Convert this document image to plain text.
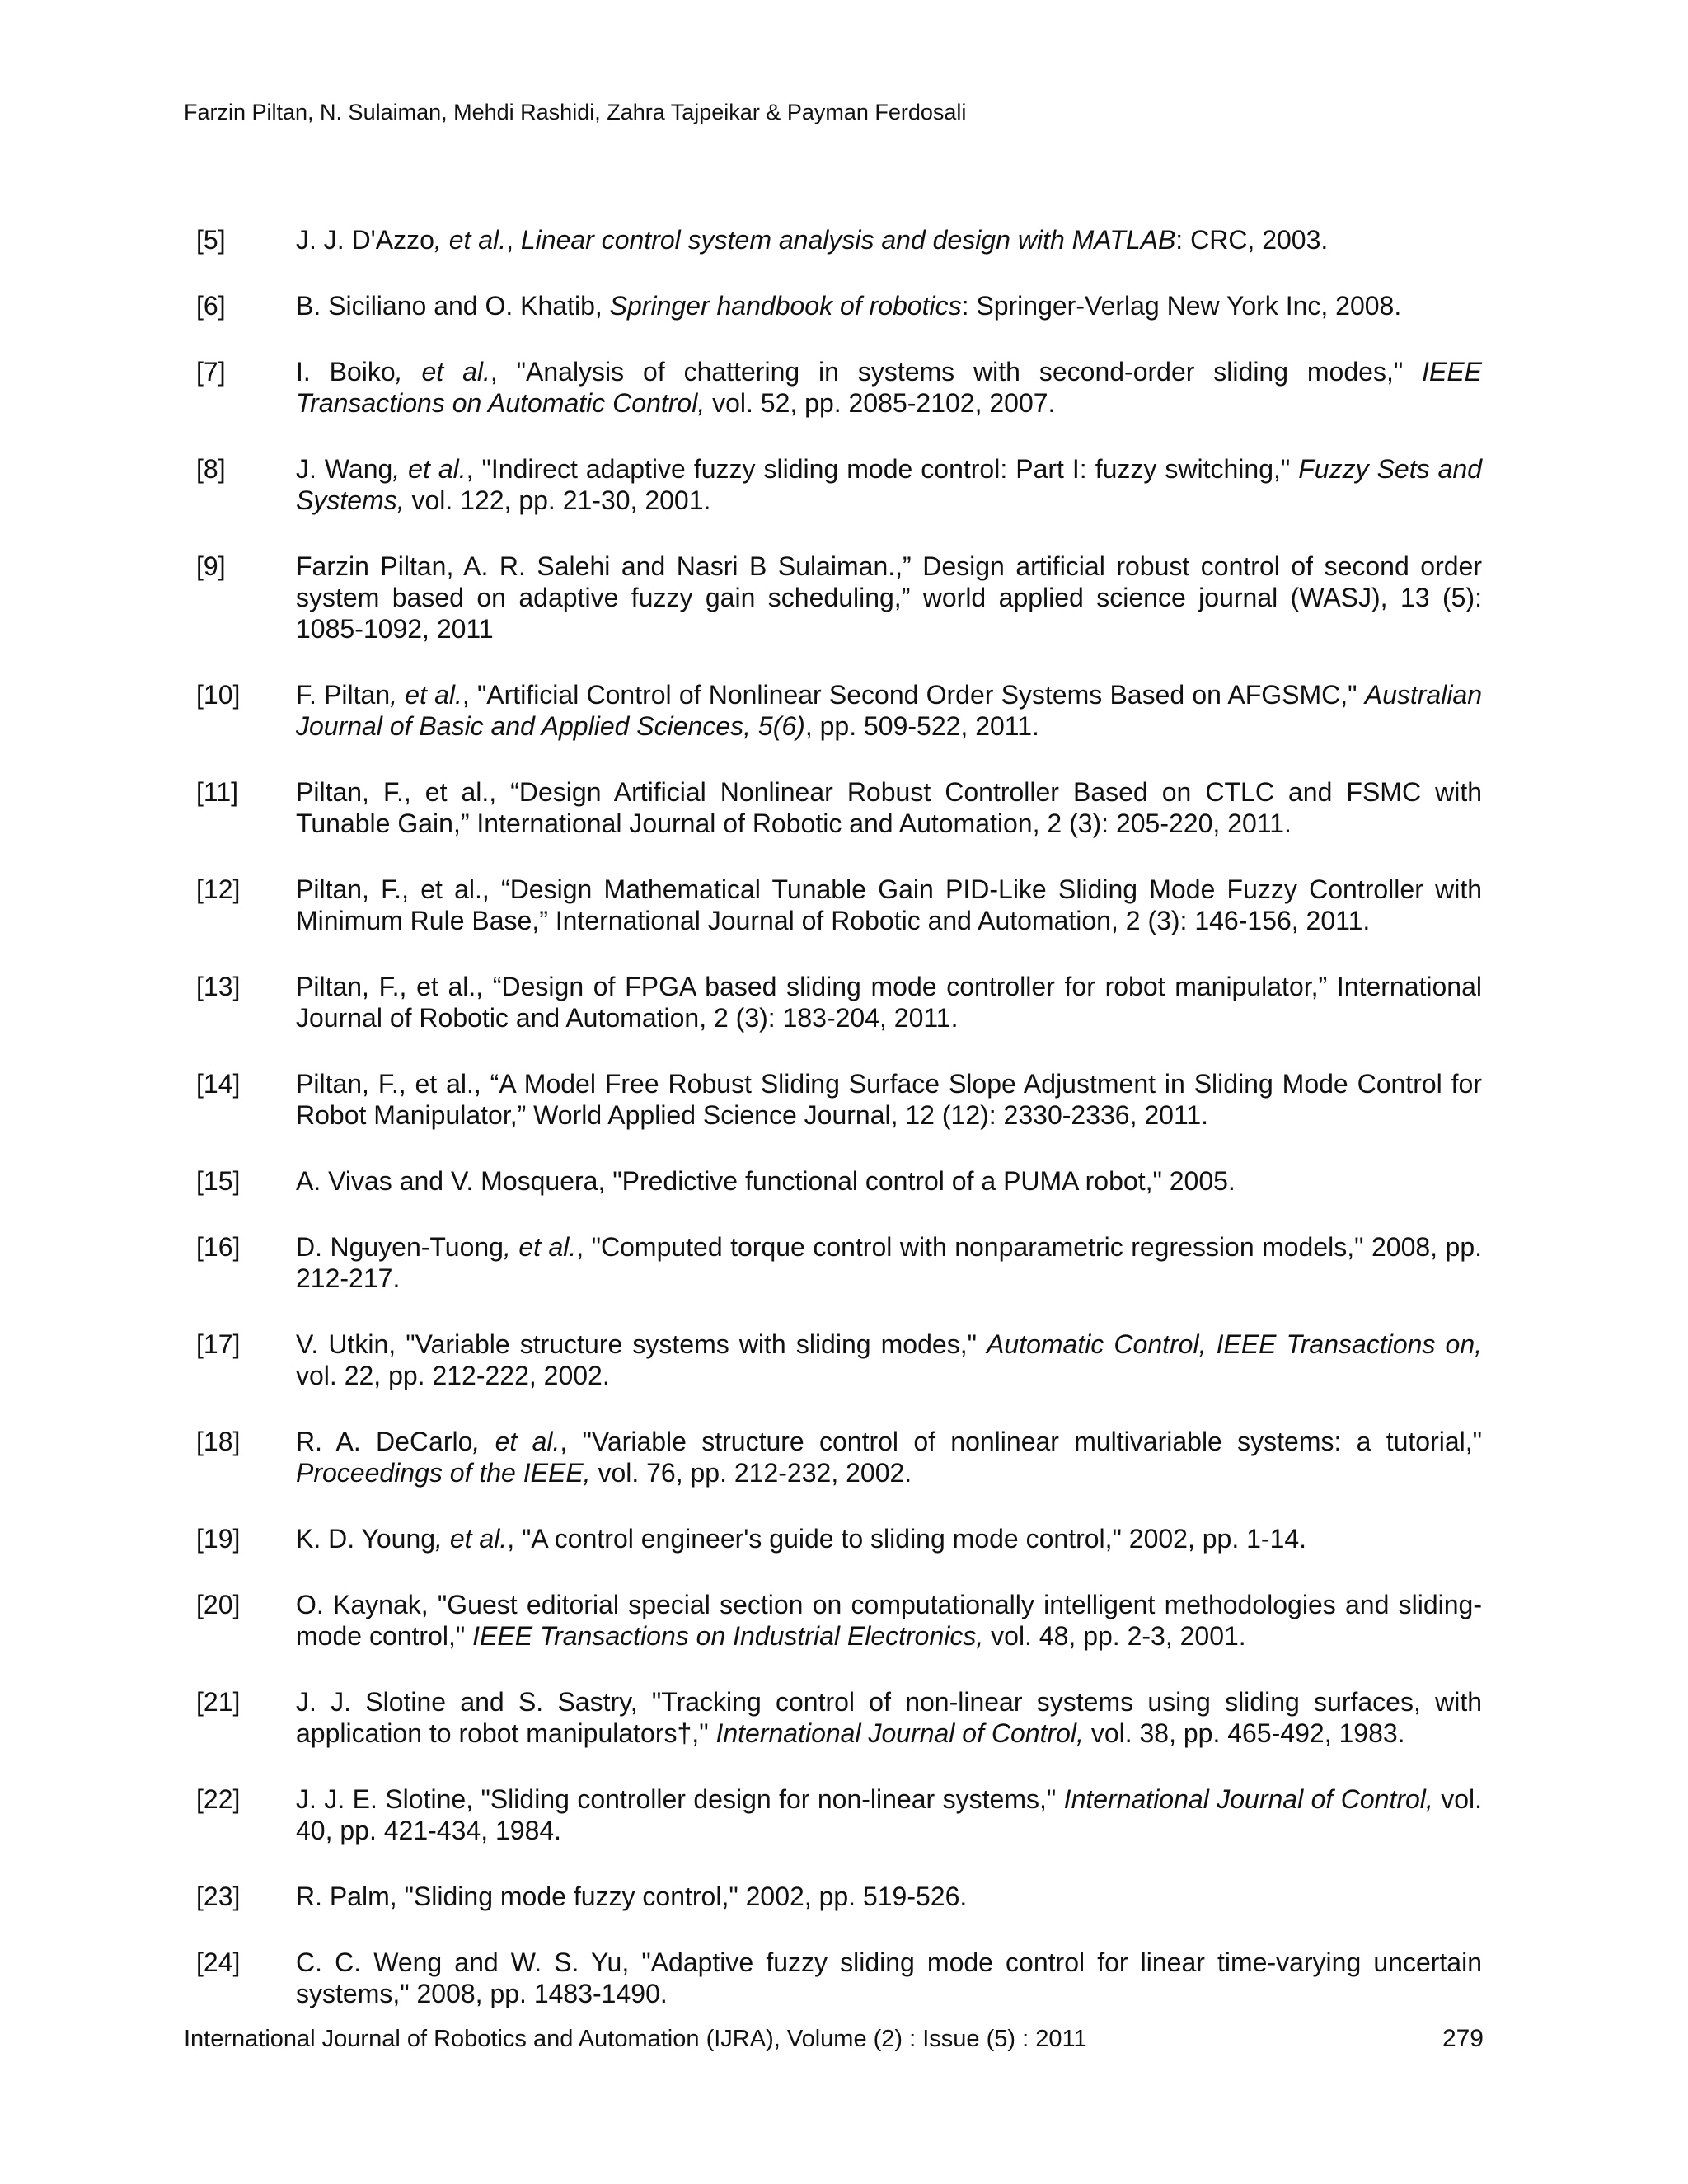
Farzin Piltan, N. Sulaiman, Mehdi Rashidi, Zahra Tajpeikar & Payman Ferdosali
[5]	J. J. D'Azzo, et al., Linear control system analysis and design with MATLAB: CRC, 2003.
[6]	B. Siciliano and O. Khatib, Springer handbook of robotics: Springer-Verlag New York Inc, 2008.
[7]	I. Boiko, et al., "Analysis of chattering in systems with second-order sliding modes," IEEE Transactions on Automatic Control, vol. 52, pp. 2085-2102, 2007.
[8]	J. Wang, et al., "Indirect adaptive fuzzy sliding mode control: Part I: fuzzy switching," Fuzzy Sets and Systems, vol. 122, pp. 21-30, 2001.
[9]	Farzin Piltan, A. R. Salehi and Nasri B Sulaiman.,” Design artificial robust control of second order system based on adaptive fuzzy gain scheduling,” world applied science journal (WASJ), 13 (5): 1085-1092, 2011
[10] F. Piltan, et al., "Artificial Control of Nonlinear Second Order Systems Based on AFGSMC," Australian Journal of Basic and Applied Sciences, 5(6), pp. 509-522, 2011.
[11] Piltan, F., et al., “Design Artificial Nonlinear Robust Controller Based on CTLC and FSMC with Tunable Gain,” International Journal of Robotic and Automation, 2 (3): 205-220, 2011.
[12] Piltan, F., et al., “Design Mathematical Tunable Gain PID-Like Sliding Mode Fuzzy Controller with Minimum Rule Base,” International Journal of Robotic and Automation, 2 (3): 146-156, 2011.
[13] Piltan, F., et al., “Design of FPGA based sliding mode controller for robot manipulator,” International Journal of Robotic and Automation, 2 (3): 183-204, 2011.
[14] Piltan, F., et al., “A Model Free Robust Sliding Surface Slope Adjustment in Sliding Mode Control for Robot Manipulator,” World Applied Science Journal, 12 (12): 2330-2336, 2011.
[15] A. Vivas and V. Mosquera, "Predictive functional control of a PUMA robot," 2005.
[16] D. Nguyen-Tuong, et al., "Computed torque control with nonparametric regression models," 2008, pp. 212-217.
[17] V. Utkin, "Variable structure systems with sliding modes," Automatic Control, IEEE Transactions on, vol. 22, pp. 212-222, 2002.
[18] R. A. DeCarlo, et al., "Variable structure control of nonlinear multivariable systems: a tutorial," Proceedings of the IEEE, vol. 76, pp. 212-232, 2002.
[19] K. D. Young, et al., "A control engineer's guide to sliding mode control," 2002, pp. 1-14.
[20] O. Kaynak, "Guest editorial special section on computationally intelligent methodologies and sliding-mode control," IEEE Transactions on Industrial Electronics, vol. 48, pp. 2-3, 2001.
[21] J. J. Slotine and S. Sastry, "Tracking control of non-linear systems using sliding surfaces, with application to robot manipulators†," International Journal of Control, vol. 38, pp. 465-492, 1983.
[22] J. J. E. Slotine, "Sliding controller design for non-linear systems," International Journal of Control, vol. 40, pp. 421-434, 1984.
[23] R. Palm, "Sliding mode fuzzy control," 2002, pp. 519-526.
[24] C. C. Weng and W. S. Yu, "Adaptive fuzzy sliding mode control for linear time-varying uncertain systems," 2008, pp. 1483-1490.
International Journal of Robotics and Automation (IJRA), Volume (2) : Issue (5) : 2011	279
